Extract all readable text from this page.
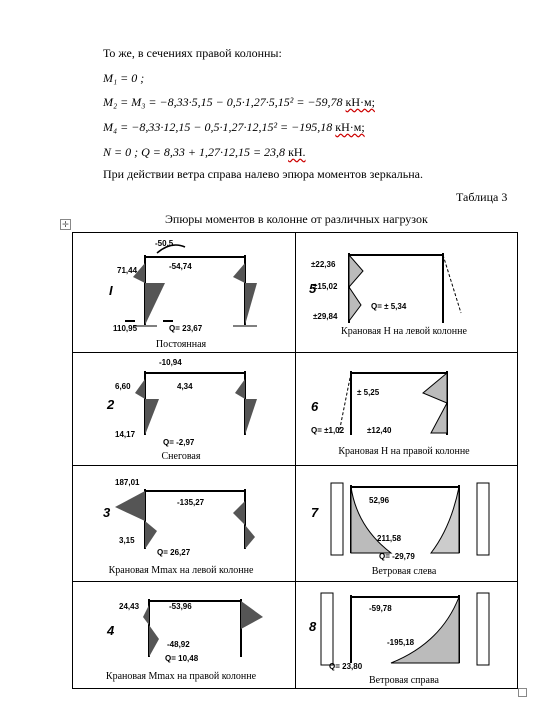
То же, в сечениях правой колонны:
M₁ = 0 ;
M₂ = M₃ = −8,33·5,15 − 0,5·1,27·5,15² = −59,78 кН·м;
M₄ = −8,33·12,15 − 0,5·1,27·12,15² = −195,18 кН·м;
N = 0 ; Q = 8,33 + 1,27·12,15 = 23,8 кН.
При действии ветра справа налево эпюра моментов зеркальна.
Таблица 3
Эпюры моментов в колонне от различных нагрузок
✛

I
-50,5
71,44	-54,74
110,95	Q= 23,67
Постоянная
5
±22,36
±15,02
±29,84
Q= ± 5,34
Крановая H на левой колонне
2
-10,94
6,60	4,34
14,17
Q= -2,97
Снеговая
6
± 5,25
Q= ±1,02	±12,40
Крановая H на правой колонне
3
187,01
-135,27
3,15
Q= 26,27
Крановая Mmax на левой колонне
7
52,96
211,58
Q= -29,79
Ветровая слева
4
24,43	-53,96
-48,92
Q= 10,48
Крановая Mmax на правой колонне
8
-59,78
-195,18
Q= 23,80
Ветровая справа
